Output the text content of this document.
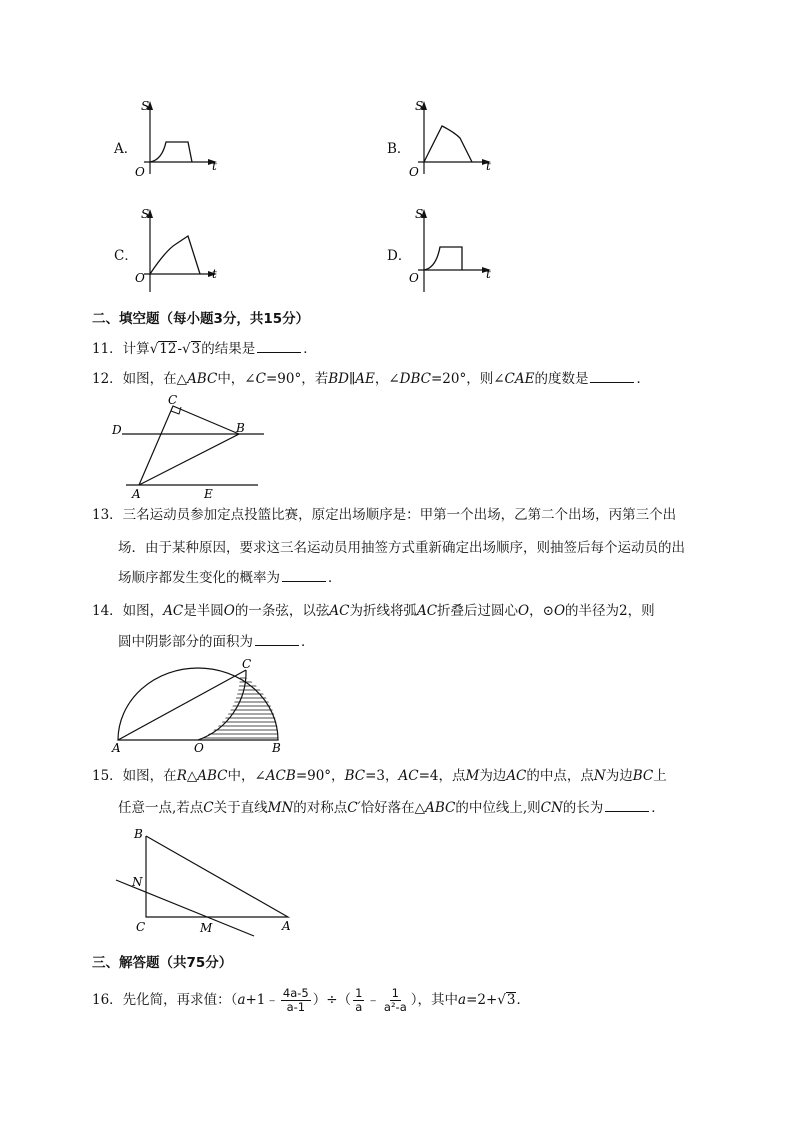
A．
S
t
O
B．
S
t
O
C．
S
t
O
D．
S
t
O
二、填空题（每小题3分，共15分）
11．计算√12-√3的结果是	．
12．如图，在△ABC中，∠C=90°，若BD∥AE，∠DBC=20°，则∠CAE的度数是	．
C
D	B
A	E
13．三名运动员参加定点投篮比赛，原定出场顺序是：甲第一个出场，乙第二个出场，丙第三个出
场．由于某种原因，要求这三名运动员用抽签方式重新确定出场顺序，则抽签后每个运动员的出
场顺序都发生变化的概率为	．
14．如图，AC是半圆O的一条弦，以弦AC为折线将弧AC折叠后过圆心O，⊙O的半径为2，则
圆中阴影部分的面积为	．
C
A	O	B
15．如图，在R△ABC中，∠ACB=90°，BC=3，AC=4，点M为边AC的中点，点N为边BC上
任意一点,若点C关于直线MN的对称点C′恰好落在△ABC的中位线上,则CN的长为	．
B
N
C	M	A
三、解答题（共75分）
16．先化简，再求值：（a+1﹣ $\frac{4a-5}{a-1}$ ）÷（ $\frac{1}{a}$ ﹣ $\frac{1}{\text{a²-a}}$ ），其中a=2+√3．
